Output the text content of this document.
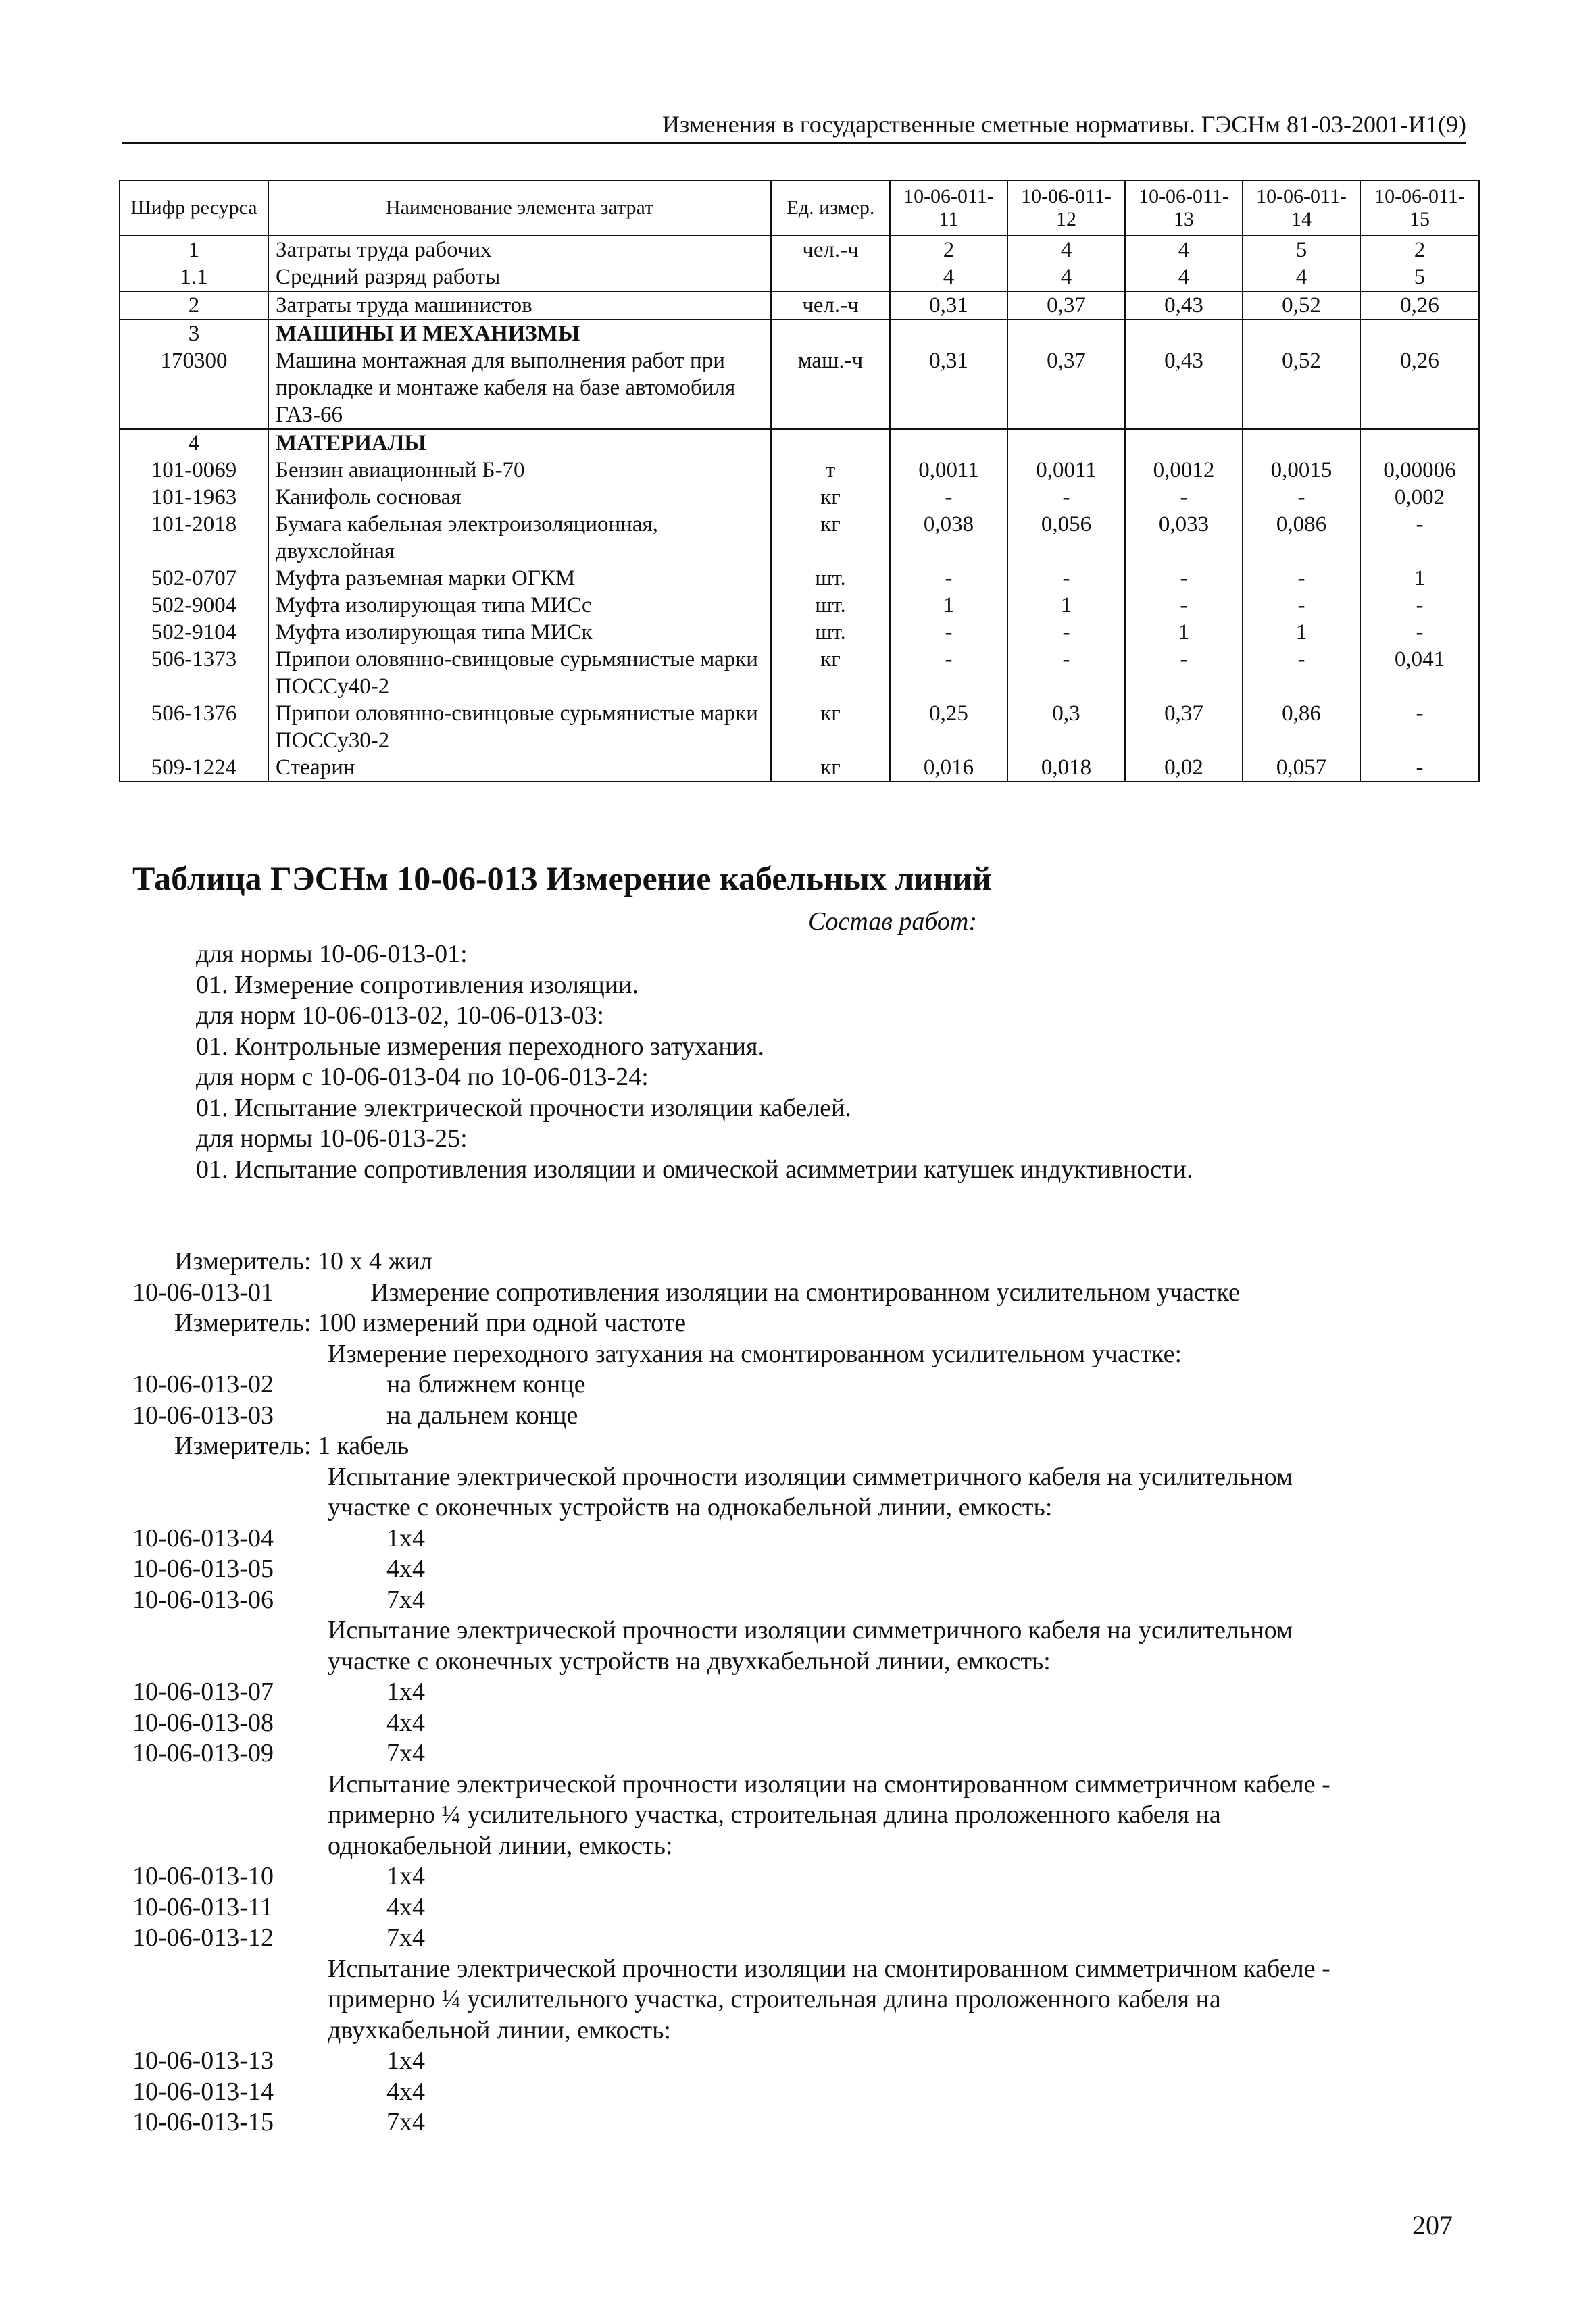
Изменения в государственные сметные нормативы. ГЭСНм 81-03-2001-И1(9)
Шифр ресурса	Наименование элемента затрат	Ед. измер.	10-06-011-11	10-06-011-12	10-06-011-13	10-06-011-14	10-06-011-15
1	Затраты труда рабочих	чел.-ч	2	4	4	5	2
1.1	Средний разряд работы		4	4	4	4	5
2	Затраты труда машинистов	чел.-ч	0,31	0,37	0,43	0,52	0,26
3	МАШИНЫ И МЕХАНИЗМЫ						
170300	Машина монтажная для выполнения работ при прокладке и монтаже кабеля на базе автомобиля ГАЗ-66	маш.-ч	0,31	0,37	0,43	0,52	0,26
4	МАТЕРИАЛЫ						
101-0069	Бензин авиационный Б-70	т	0,0011	0,0011	0,0012	0,0015	0,00006
101-1963	Канифоль сосновая	кг	-	-	-	-	0,002
101-2018	Бумага кабельная электроизоляционная, двухслойная	кг	0,038	0,056	0,033	0,086	-
502-0707	Муфта разъемная марки ОГКМ	шт.	-	-	-	-	1
502-9004	Муфта изолирующая типа МИСс	шт.	1	1	-	-	-
502-9104	Муфта изолирующая типа МИСк	шт.	-	-	1	1	-
506-1373	Припои оловянно-свинцовые сурьмянистые марки ПОССу40-2	кг	-	-	-	-	0,041
506-1376	Припои оловянно-свинцовые сурьмянистые марки ПОССу30-2	кг	0,25	0,3	0,37	0,86	-
509-1224	Стеарин	кг	0,016	0,018	0,02	0,057	-
Таблица ГЭСНм 10-06-013 Измерение кабельных линий
Состав работ:
для нормы 10-06-013-01:
01. Измерение сопротивления изоляции.
для норм 10-06-013-02, 10-06-013-03:
01. Контрольные измерения переходного затухания.
для норм с 10-06-013-04 по 10-06-013-24:
01. Испытание электрической прочности изоляции кабелей.
для нормы 10-06-013-25:
01. Испытание сопротивления изоляции и омической асимметрии катушек индуктивности.
Измеритель: 10 х 4 жил
10-06-013-01	Измерение сопротивления изоляции на смонтированном усилительном участке
Измеритель: 100 измерений при одной частоте
Измерение переходного затухания на смонтированном усилительном участке:
10-06-013-02	на ближнем конце
10-06-013-03	на дальнем конце
Измеритель: 1 кабель
Испытание электрической прочности изоляции симметричного кабеля на усилительном
участке с оконечных устройств на однокабельной линии, емкость:
10-06-013-04	1х4
10-06-013-05	4х4
10-06-013-06	7х4
Испытание электрической прочности изоляции симметричного кабеля на усилительном
участке с оконечных устройств на двухкабельной линии, емкость:
10-06-013-07	1х4
10-06-013-08	4х4
10-06-013-09	7х4
Испытание электрической прочности изоляции на смонтированном симметричном кабеле -
примерно ¼ усилительного участка, строительная длина проложенного кабеля на
однокабельной линии, емкость:
10-06-013-10	1х4
10-06-013-11	4х4
10-06-013-12	7х4
Испытание электрической прочности изоляции на смонтированном симметричном кабеле -
примерно ¼ усилительного участка, строительная длина проложенного кабеля на
двухкабельной линии, емкость:
10-06-013-13	1х4
10-06-013-14	4х4
10-06-013-15	7х4
207
